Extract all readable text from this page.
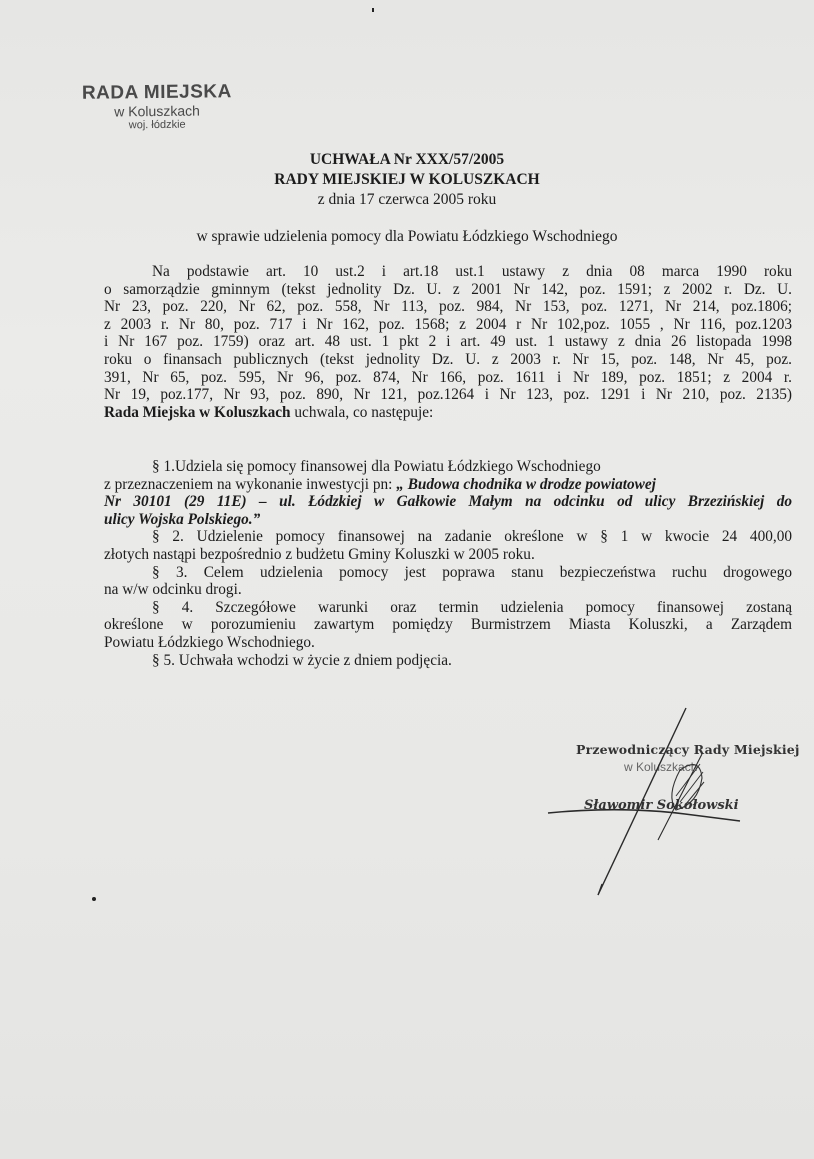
RADA MIEJSKA
w Koluszkach
woj. łódzkie
UCHWAŁA Nr XXX/57/2005
RADY MIEJSKIEJ W KOLUSZKACH
z dnia 17 czerwca 2005 roku
w sprawie udzielenia pomocy dla Powiatu Łódzkiego Wschodniego
Na podstawie art. 10 ust.2 i art.18 ust.1 ustawy z dnia 08 marca 1990 roku
o samorządzie gminnym (tekst jednolity Dz. U. z 2001 Nr 142, poz. 1591; z 2002 r. Dz. U.
Nr 23, poz. 220, Nr 62, poz. 558, Nr 113, poz. 984, Nr 153, poz. 1271, Nr 214, poz.1806;
z 2003 r. Nr 80, poz. 717 i Nr 162, poz. 1568; z 2004 r Nr 102,poz. 1055 , Nr 116, poz.1203
i Nr 167 poz. 1759) oraz art. 48 ust. 1 pkt 2 i art. 49 ust. 1 ustawy z dnia 26 listopada 1998
roku o finansach publicznych (tekst jednolity Dz. U. z 2003 r. Nr 15, poz. 148, Nr 45, poz.
391, Nr 65, poz. 595, Nr 96, poz. 874, Nr 166, poz. 1611 i Nr 189, poz. 1851; z 2004 r.
Nr 19, poz.177, Nr 93, poz. 890, Nr 121, poz.1264 i Nr 123, poz. 1291 i Nr 210, poz. 2135)
Rada Miejska w Koluszkach uchwala, co następuje:
§ 1.Udziela się pomocy finansowej dla Powiatu Łódzkiego Wschodniego
z przeznaczeniem na wykonanie inwestycji pn: „ Budowa chodnika w drodze powiatowej
Nr 30101 (29 11E) – ul. Łódzkiej w Gałkowie Małym na odcinku od ulicy Brzezińskiej do
ulicy Wojska Polskiego.”
§ 2. Udzielenie pomocy finansowej na zadanie określone w § 1 w kwocie 24 400,00
złotych nastąpi bezpośrednio z budżetu Gminy Koluszki w 2005 roku.
§ 3. Celem udzielenia pomocy jest poprawa stanu bezpieczeństwa ruchu drogowego
na w/w odcinku drogi.
§ 4. Szczegółowe warunki oraz termin udzielenia pomocy finansowej zostaną
określone w porozumieniu zawartym pomiędzy Burmistrzem Miasta Koluszki, a Zarządem
Powiatu Łódzkiego Wschodniego.
§ 5. Uchwała wchodzi w życie z dniem podjęcia.
Przewodniczący Rady Miejskiej
w Koluszkach
Sławomir Sokołowski
